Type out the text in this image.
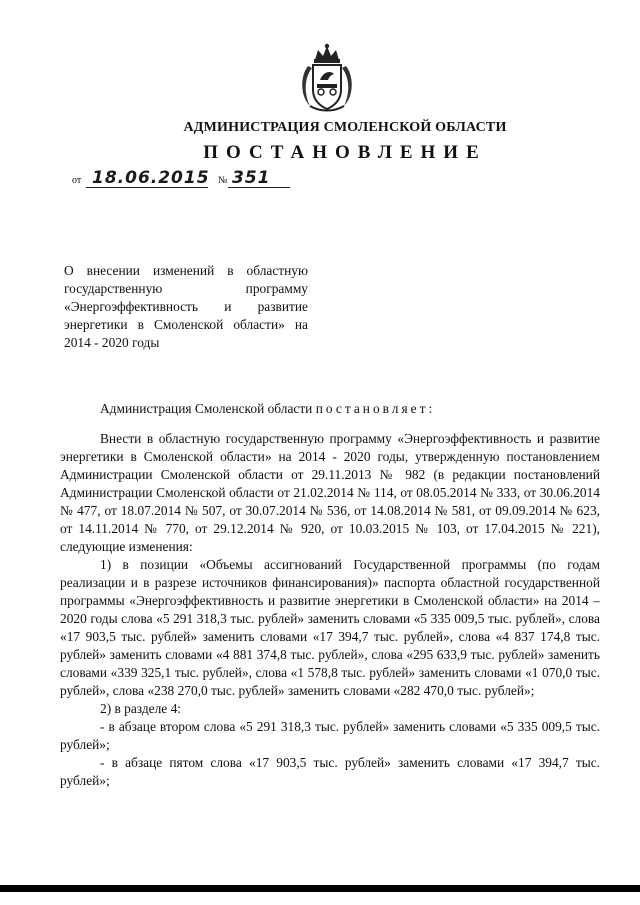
АДМИНИСТРАЦИЯ СМОЛЕНСКОЙ ОБЛАСТИ
ПОСТАНОВЛЕНИЕ
от 18.06.2015 № 351
О внесении изменений в областную государственную программу «Энергоэффективность и развитие энергетики в Смоленской области» на 2014 - 2020 годы

Администрация Смоленской области постановляет:

Внести в областную государственную программу «Энергоэффективность и развитие энергетики в Смоленской области» на 2014 - 2020 годы, утвержденную постановлением Администрации Смоленской области от 29.11.2013 № 982 (в редакции постановлений Администрации Смоленской области от 21.02.2014 № 114, от 08.05.2014 № 333, от 30.06.2014 № 477, от 18.07.2014 № 507, от 30.07.2014 № 536, от 14.08.2014 № 581, от 09.09.2014 № 623, от 14.11.2014 № 770, от 29.12.2014 № 920, от 10.03.2015 № 103, от 17.04.2015 № 221), следующие изменения:

1) в позиции «Объемы ассигнований Государственной программы (по годам реализации и в разрезе источников финансирования)» паспорта областной государственной программы «Энергоэффективность и развитие энергетики в Смоленской области» на 2014 – 2020 годы слова «5 291 318,3 тыс. рублей» заменить словами «5 335 009,5 тыс. рублей», слова «17 903,5 тыс. рублей» заменить словами «17 394,7 тыс. рублей», слова «4 837 174,8 тыс. рублей» заменить словами «4 881 374,8 тыс. рублей», слова «295 633,9 тыс. рублей» заменить словами «339 325,1 тыс. рублей», слова «1 578,8 тыс. рублей» заменить словами «1 070,0 тыс. рублей», слова «238 270,0 тыс. рублей» заменить словами «282 470,0 тыс. рублей»;

2) в разделе 4:

- в абзаце втором слова «5 291 318,3 тыс. рублей» заменить словами «5 335 009,5 тыс. рублей»;

- в абзаце пятом слова «17 903,5 тыс. рублей» заменить словами «17 394,7 тыс. рублей»;
